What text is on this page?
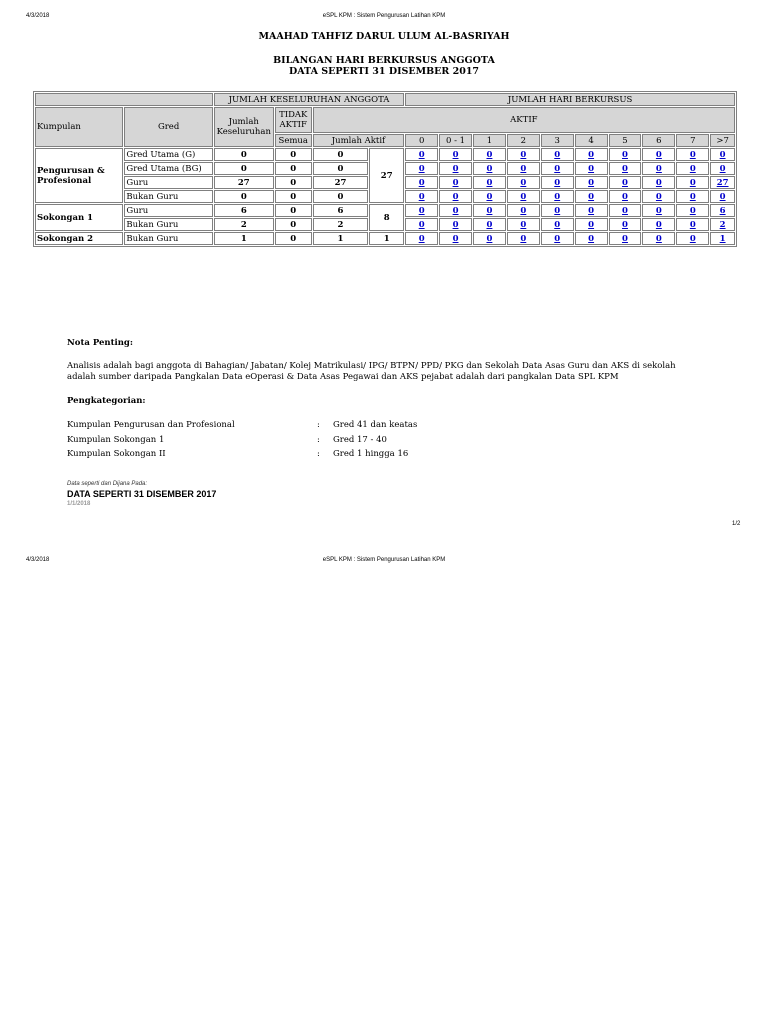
4/3/2018	eSPL KPM : Sistem Pengurusan Latihan KPM
MAAHAD TAHFIZ DARUL ULUM AL-BASRIYAH
BILANGAN HARI BERKURSUS ANGGOTA
DATA SEPERTI 31 DISEMBER 2017
		JUMLAH KESELURUHAN ANGGOTA				JUMLAH HARI BERKURSUS									
Kumpulan	Gred	Jumlah Keseluruhan	TIDAK AKTIF	AKTIF											
			Semua	Jumlah Aktif		0	0 - 1	1	2	3	4	5	6	7	>7
Pengurusan & Profesional	Gred Utama (G)	0	0	0	27	0	0	0	0	0	0	0	0	0	0
	Gred Utama (BG)	0	0	0		0	0	0	0	0	0	0	0	0	0
	Guru	27	0	27		0	0	0	0	0	0	0	0	0	27
	Bukan Guru	0	0	0		0	0	0	0	0	0	0	0	0	0
Sokongan 1	Guru	6	0	6	8	0	0	0	0	0	0	0	0	0	6
	Bukan Guru	2	0	2		0	0	0	0	0	0	0	0	0	2
Sokongan 2	Bukan Guru	1	0	1	1	0	0	0	0	0	0	0	0	0	1
Nota Penting:
Analisis adalah bagi anggota di Bahagian/ Jabatan/ Kolej Matrikulasi/ IPG/ BTPN/ PPD/ PKG dan Sekolah Data Asas Guru dan AKS di sekolah adalah sumber daripada Pangkalan Data eOperasi & Data Asas Pegawai dan AKS pejabat adalah dari pangkalan Data SPL KPM
Pengkategorian:
Kumpulan Pengurusan dan Profesional	:	Gred 41 dan keatas
Kumpulan Sokongan 1	:	Gred 17 - 40
Kumpulan Sokongan II	:	Gred 1 hingga 16
Data seperti dan Dijana Pada:
DATA SEPERTI 31 DISEMBER 2017
1/1/2018
1/2
4/3/2018	eSPL KPM : Sistem Pengurusan Latihan KPM
